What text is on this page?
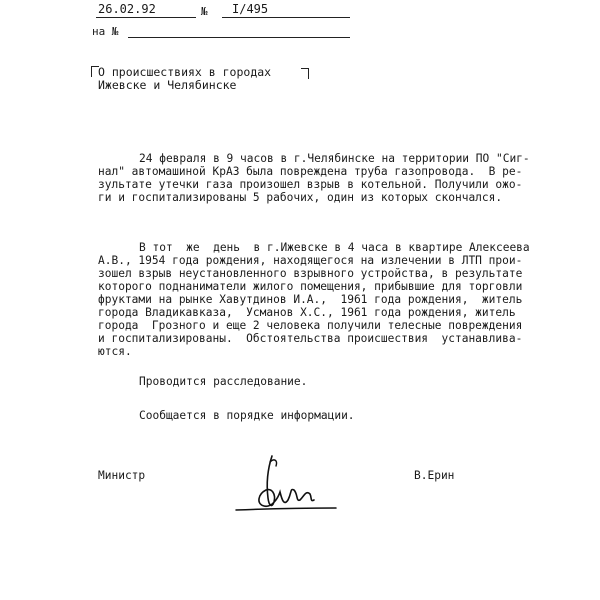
26.02.92	№ I/495
на №
О происшествиях в городах
Ижевске и Челябинске
24 февраля в 9 часов в г.Челябинске на территории ПО "Сиг-
нал" автомашиной КрАЗ была повреждена труба газопровода.  В ре-
зультате утечки газа произошел взрыв в котельной. Получили ожо-
ги и госпитализированы 5 рабочих, один из которых скончался.
В тот  же  день  в г.Ижевске в 4 часа в квартире Алексеева
А.В., 1954 года рождения, находящегося на излечении в ЛТП прои-
зошел взрыв неустановленного взрывного устройства, в результате
которого поднаниматели жилого помещения, прибывшие для торговли
фруктами на рынке Хавутдинов И.А.,  1961 года рождения,  житель
города Владикавказа,  Усманов Х.С., 1961 года рождения, житель
города  Грозного и еще 2 человека получили телесные повреждения
и госпитализированы.  Обстоятельства происшествия  устанавлива-
ются.
Проводится расследование.
Сообщается в порядке информации.
Министр	В.Ерин
